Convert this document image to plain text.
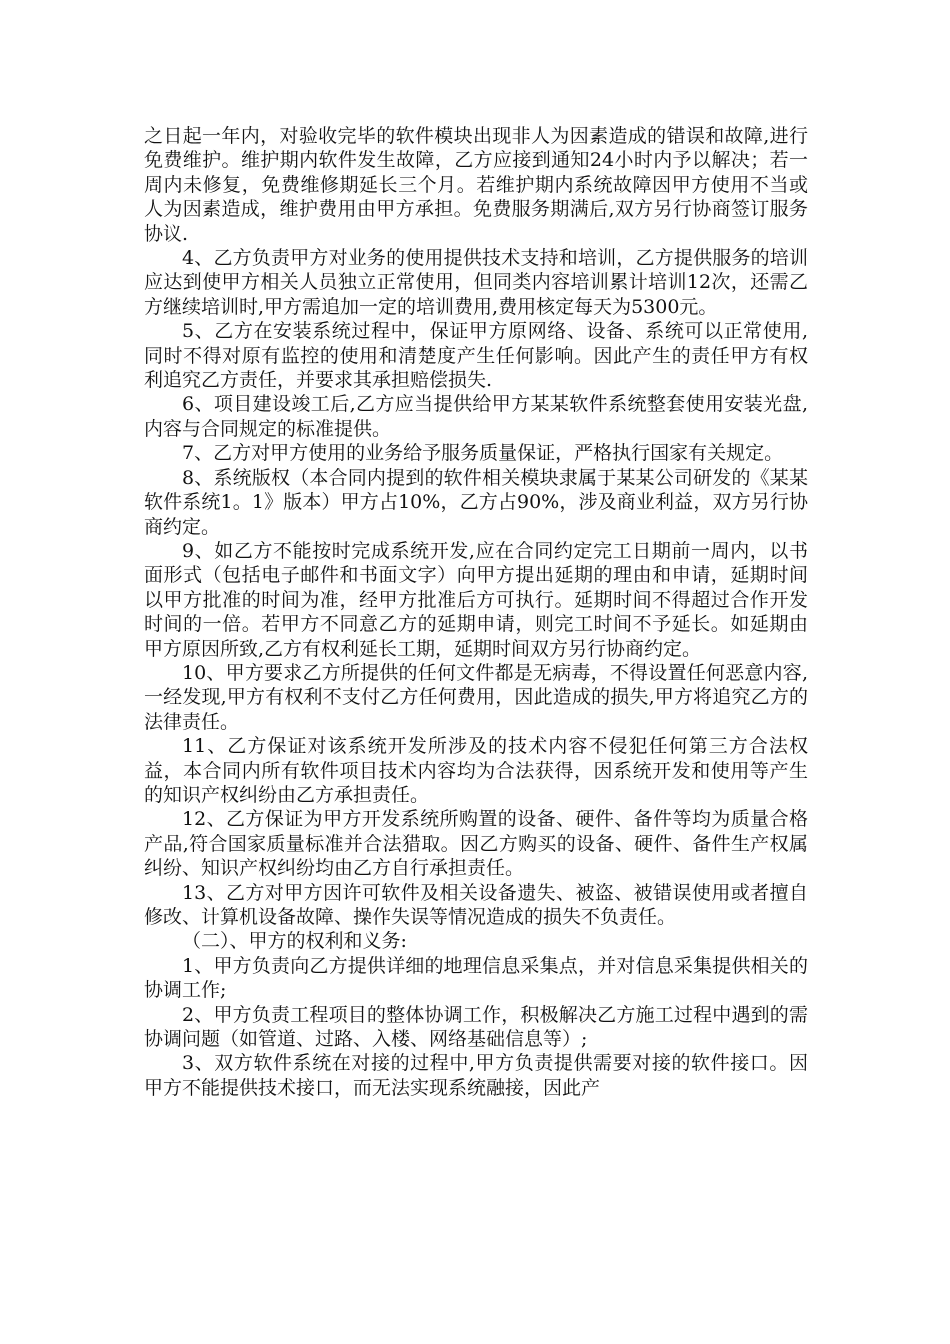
之日起一年内，对验收完毕的软件模块出现非人为因素造成的错误和故障,进行免费维护。维护期内软件发生故障，乙方应接到通知24小时内予以解决；若一周内未修复，免费维修期延长三个月。若维护期内系统故障因甲方使用不当或人为因素造成，维护费用由甲方承担。免费服务期满后,双方另行协商签订服务协议.

4、乙方负责甲方对业务的使用提供技术支持和培训，乙方提供服务的培训应达到使甲方相关人员独立正常使用，但同类内容培训累计培训12次，还需乙方继续培训时,甲方需追加一定的培训费用,费用核定每天为5300元。

5、乙方在安装系统过程中，保证甲方原网络、设备、系统可以正常使用,同时不得对原有监控的使用和清楚度产生任何影响。因此产生的责任甲方有权利追究乙方责任，并要求其承担赔偿损失.

6、项目建设竣工后,乙方应当提供给甲方某某软件系统整套使用安装光盘,内容与合同规定的标准提供。

7、乙方对甲方使用的业务给予服务质量保证，严格执行国家有关规定。

8、系统版权（本合同内提到的软件相关模块隶属于某某公司研发的《某某软件系统1。1》版本）甲方占10%，乙方占90%，涉及商业利益，双方另行协商约定。

9、如乙方不能按时完成系统开发,应在合同约定完工日期前一周内，以书面形式（包括电子邮件和书面文字）向甲方提出延期的理由和申请，延期时间以甲方批准的时间为准，经甲方批准后方可执行。延期时间不得超过合作开发时间的一倍。若甲方不同意乙方的延期申请，则完工时间不予延长。如延期由甲方原因所致,乙方有权利延长工期，延期时间双方另行协商约定。

10、甲方要求乙方所提供的任何文件都是无病毒，不得设置任何恶意内容,一经发现,甲方有权利不支付乙方任何费用，因此造成的损失,甲方将追究乙方的法律责任。

11、乙方保证对该系统开发所涉及的技术内容不侵犯任何第三方合法权益，本合同内所有软件项目技术内容均为合法获得，因系统开发和使用等产生的知识产权纠纷由乙方承担责任。

12、乙方保证为甲方开发系统所购置的设备、硬件、备件等均为质量合格产品,符合国家质量标准并合法猎取。因乙方购买的设备、硬件、备件生产权属纠纷、知识产权纠纷均由乙方自行承担责任。

13、乙方对甲方因许可软件及相关设备遗失、被盗、被错误使用或者擅自修改、计算机设备故障、操作失误等情况造成的损失不负责任。

（二）、甲方的权利和义务:

1、甲方负责向乙方提供详细的地理信息采集点，并对信息采集提供相关的协调工作;

2、甲方负责工程项目的整体协调工作，积极解决乙方施工过程中遇到的需协调问题（如管道、过路、入楼、网络基础信息等）;

3、双方软件系统在对接的过程中,甲方负责提供需要对接的软件接口。因甲方不能提供技术接口，而无法实现系统融接，因此产
